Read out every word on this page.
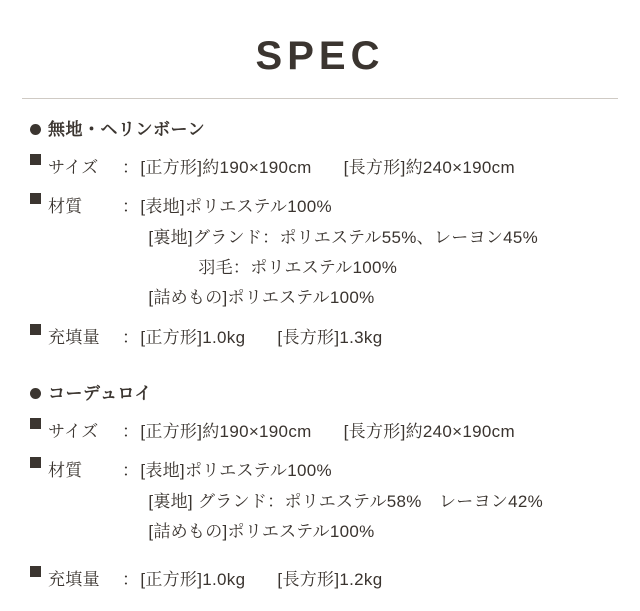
SPEC
無地・ヘリンボーン
サイズ	： [正方形]約190×190cm [長方形]約240×190cm
材質	： [表地]ポリエステル100%
[裏地]グランド：ポリエステル55%、レーヨン45%
羽毛：ポリエステル100%
[詰めもの]ポリエステル100%
充填量	： [正方形]1.0kg [長方形]1.3kg
コーデュロイ
サイズ	： [正方形]約190×190cm [長方形]約240×190cm
材質	： [表地]ポリエステル100%
[裏地] グランド：ポリエステル58%　レーヨン42%
[詰めもの]ポリエステル100%
充填量	： [正方形]1.0kg [長方形]1.2kg
